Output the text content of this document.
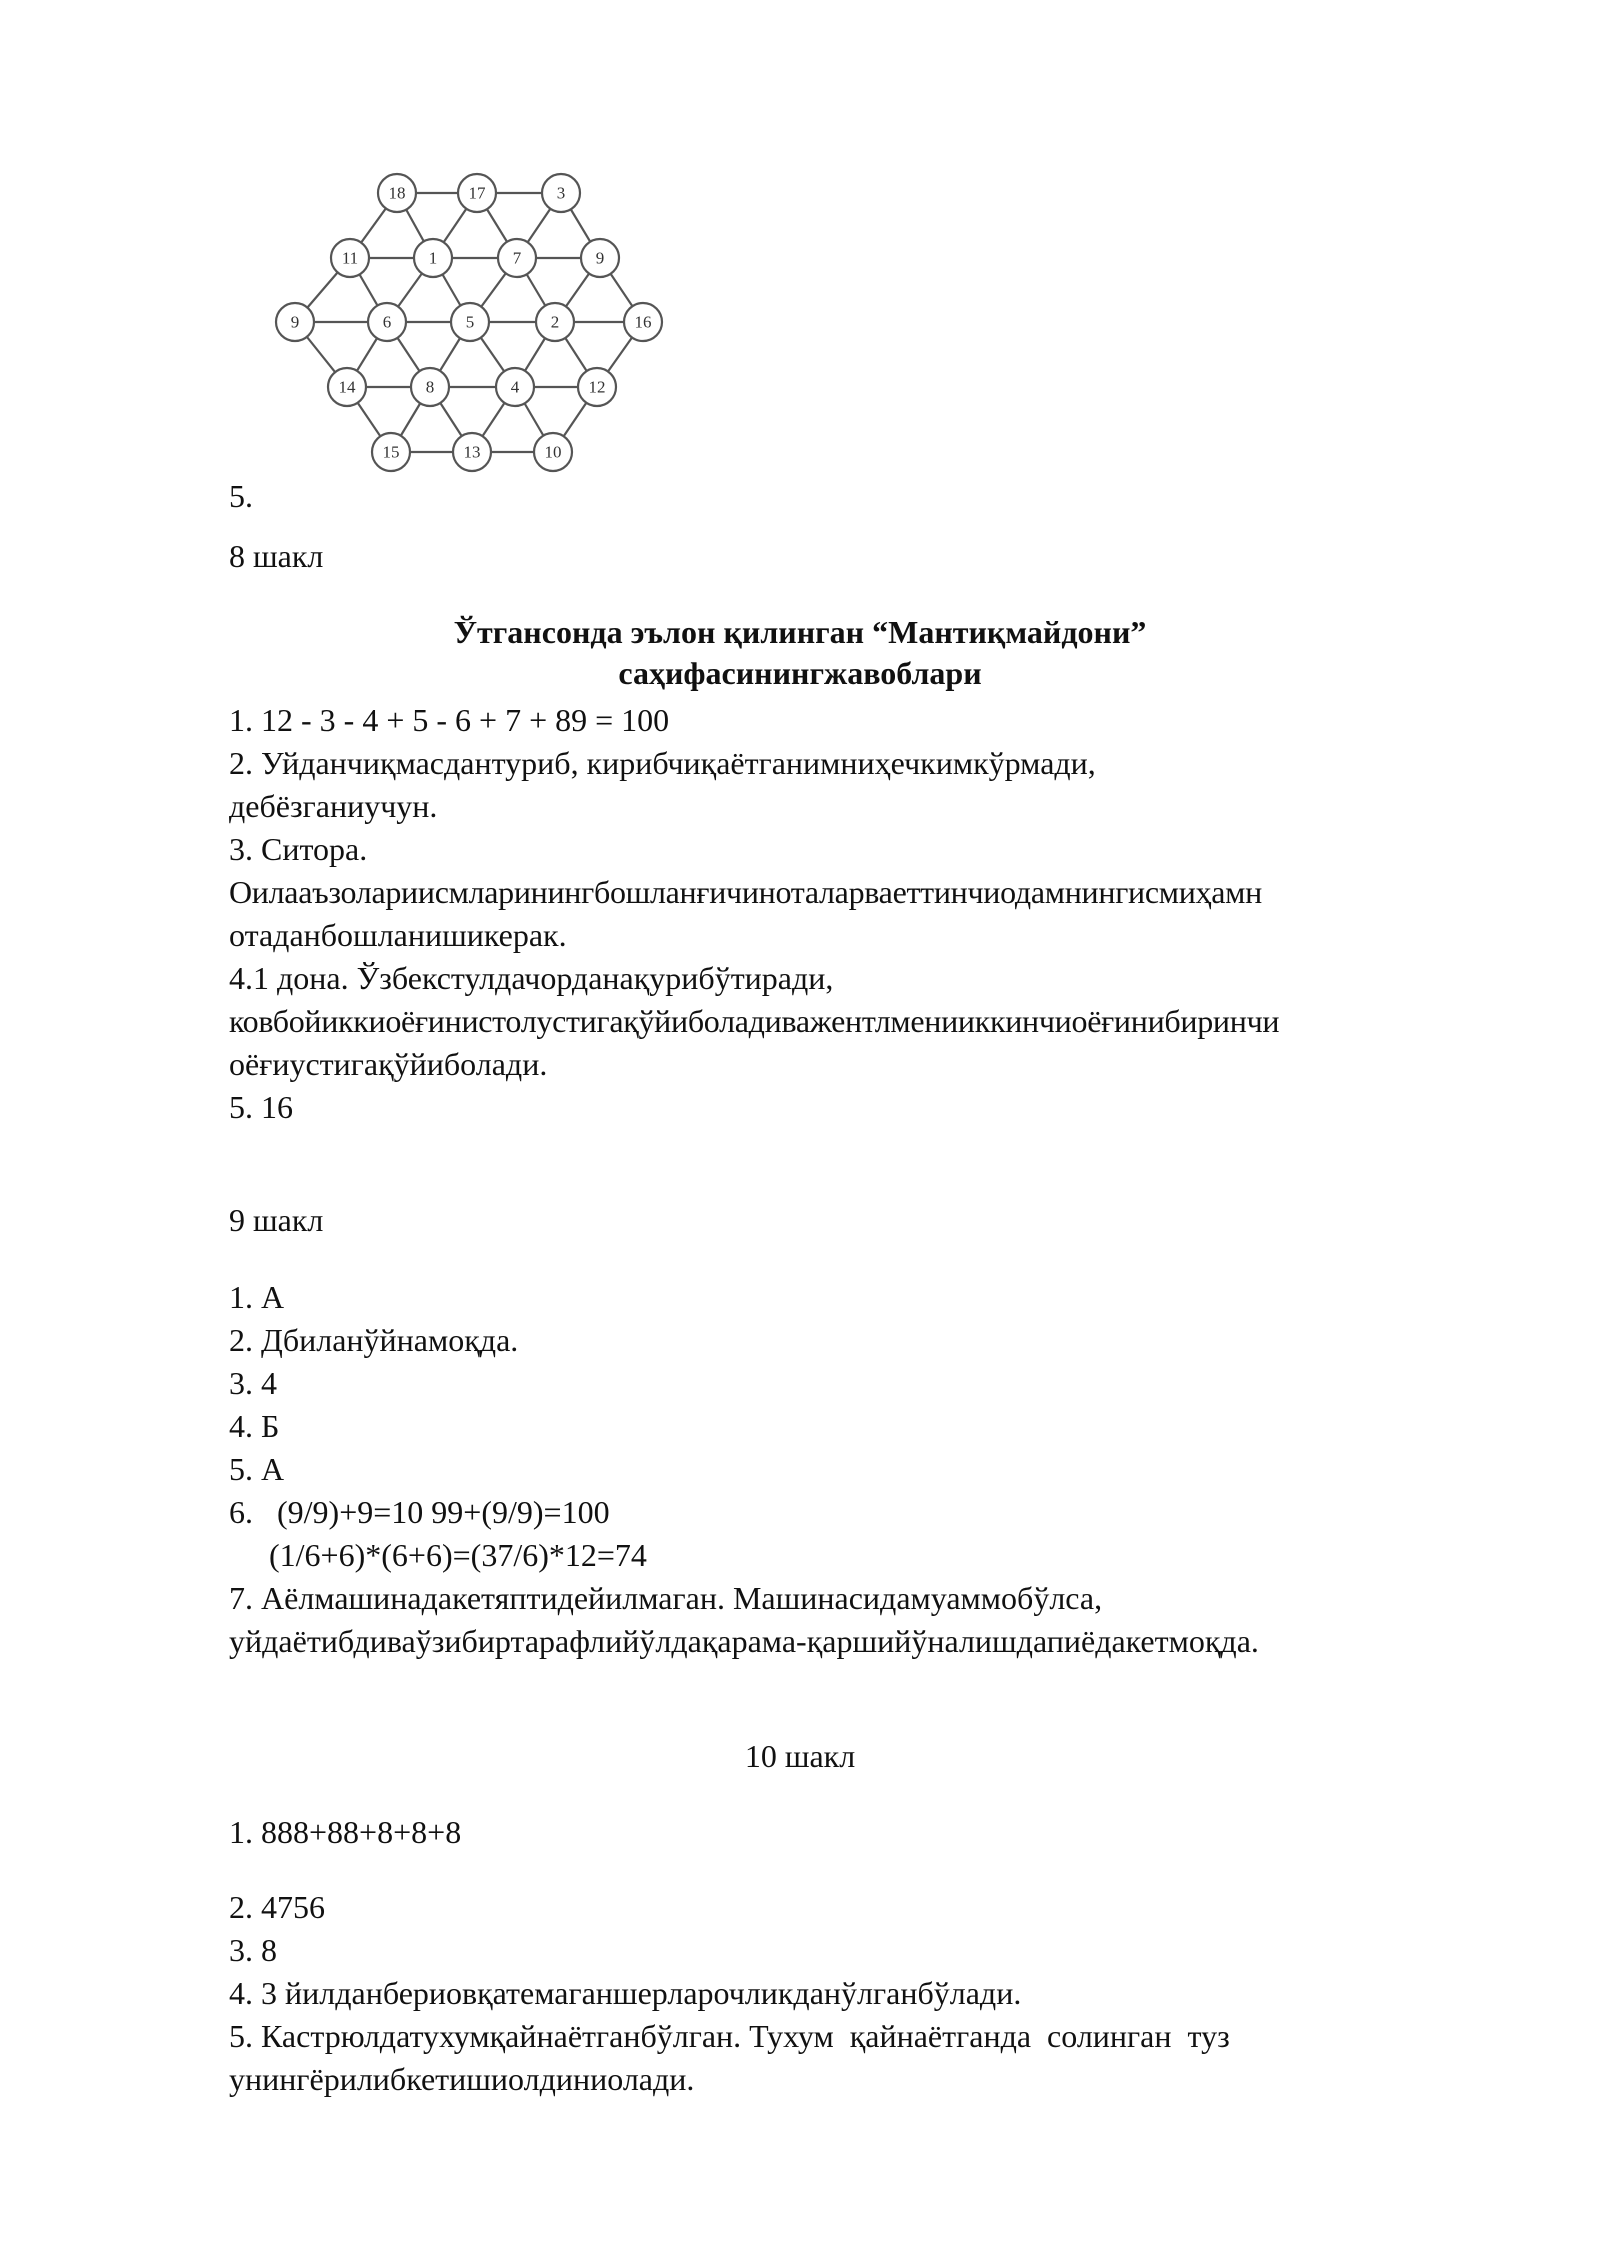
18	17	3
11	1	7	9
9	6	5	2	16
14	8	4	12
15	13	10
5.
8 шакл
Ўтгансонда эълон қилинган “Мантиқмайдони”
саҳифасинингжавоблари
1. 12 - 3 - 4 + 5 - 6 + 7 + 89 = 100
2. Уйданчиқмасдантуриб, кирибчиқаётганимниҳечкимкўрмади,
дебёзганиучун.
3. Ситора.
Оилааъзолариисмларинингбошланғичиноталарваеттинчиодамнингисмиҳамн
отаданбошланишикерак.
4.1 дона. Ўзбекстулдачорданақурибўтиради,
ковбойиккиоёғинистолустигақўйиболадиважентлменииккинчиоёғинибиринчи
оёғиустигақўйиболади.
5. 16
9 шакл
1. А
2. Дбиланўйнамоқда.
3. 4
4. Б
5. А
6.   (9/9)+9=10 99+(9/9)=100
(1/6+6)*(6+6)=(37/6)*12=74
7. Аёлмашинадакетяптидейилмаган. Машинасидамуаммобўлса,
уйдаётибдиваўзибиртарафлийўлдақарама-қаршийўналишдапиёдакетмоқда.
10 шакл
1. 888+88+8+8+8
2. 4756
3. 8
4. 3 йилданбериовқатемаганшерларочликданўлганбўлади.
5. Кастрюлдатухумқайнаётганбўлган. Тухум  қайнаётганда  солинган  туз
унингёрилибкетишиолдиниолади.
